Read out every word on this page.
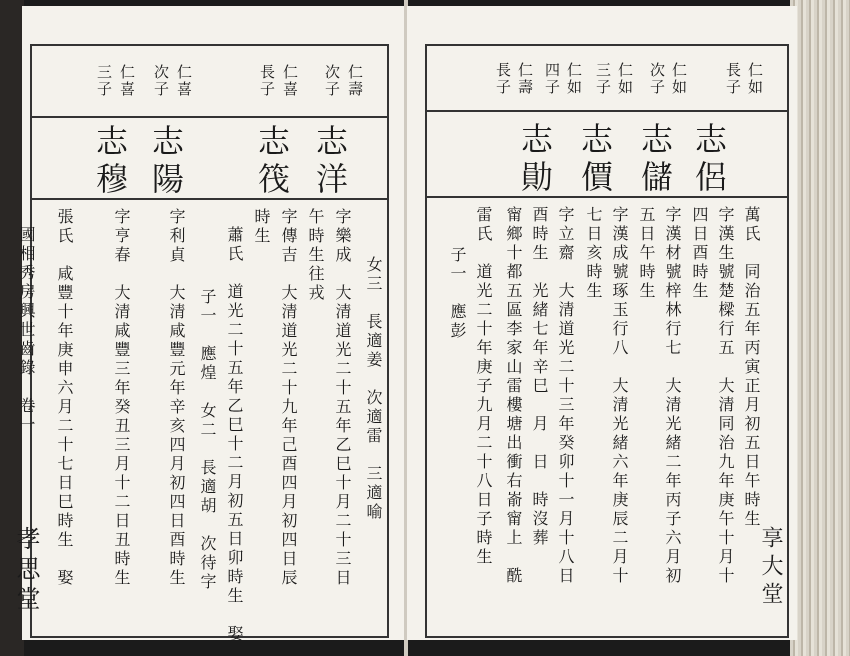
國相秀房興世齒錄　卷一
孝思堂
仁壽
次子
仁喜
長子
仁喜
次子
仁喜
三子
志洋
志筏
志陽
志穆
女三　長適姜　次適雷　三適喻
字樂成　大清道光二十五年乙巳十月二十三日
午時生往戎
字傳吉　大清道光二十九年己酉四月初四日辰
時生
蕭氏　道光二十五年乙巳十二月初五日卯時生　娶
子一　應煌　女二　長適胡　次待字
字利貞　大清咸豐元年辛亥四月初四日酉時生
字亨春　大清咸豐三年癸丑三月十二日丑時生
張氏　咸豐十年庚申六月二十七日巳時生　娶	享大堂
仁如
長子
仁如
次子
仁如
三子
仁如
四子
仁壽
長子
志侶
志儲
志價
志勛
萬氏　同治五年丙寅正月初五日午時生
字漢生號楚樑行五　大清同治九年庚午十月十
四日酉時生
字漢材號梓林行七　大清光緒二年丙子六月初
五日午時生
字漢成號琢玉行八　大清光緒六年庚辰二月十
七日亥時生
字立齋　大清道光二十三年癸卯十一月十八日
酉時生　光緒七年辛巳　月　日　時沒葬
甯鄉十都五區李家山雷樓塘出衝右嵛甯上　酰
雷氏　道光二十年庚子九月二十八日子時生
子一　應彭
